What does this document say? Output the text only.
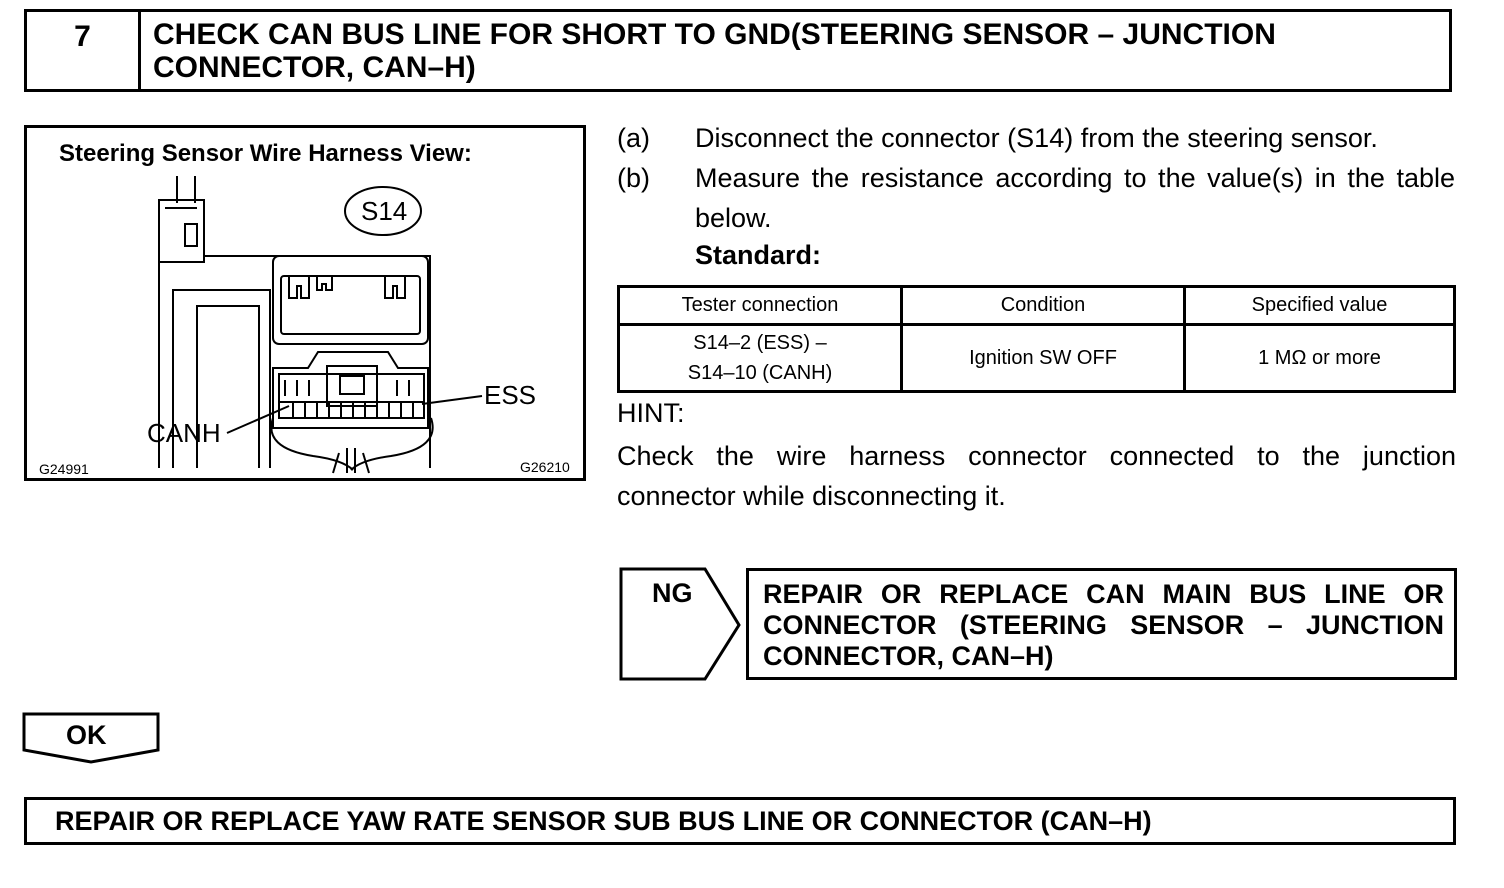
7	CHECK CAN BUS LINE FOR SHORT TO GND(STEERING SENSOR – JUNCTION CONNECTOR, CAN–H)
Steering Sensor Wire Harness View:
S14
ESS
CANH
G24991	G26210
(a) Disconnect the connector (S14) from the steering sensor.
(b) Measure the resistance according to the value(s) in the table below.
Standard:
Tester connection	Condition	Specified value
S14–2 (ESS) –
S14–10 (CANH)	Ignition SW OFF	1 MΩ or more
HINT:
Check the wire harness connector connected to the junction connector while disconnecting it.
NG	REPAIR OR REPLACE CAN MAIN BUS LINE OR CONNECTOR (STEERING SENSOR – JUNCTION CONNECTOR, CAN–H)
OK
REPAIR OR REPLACE YAW RATE SENSOR SUB BUS LINE OR CONNECTOR (CAN–H)
